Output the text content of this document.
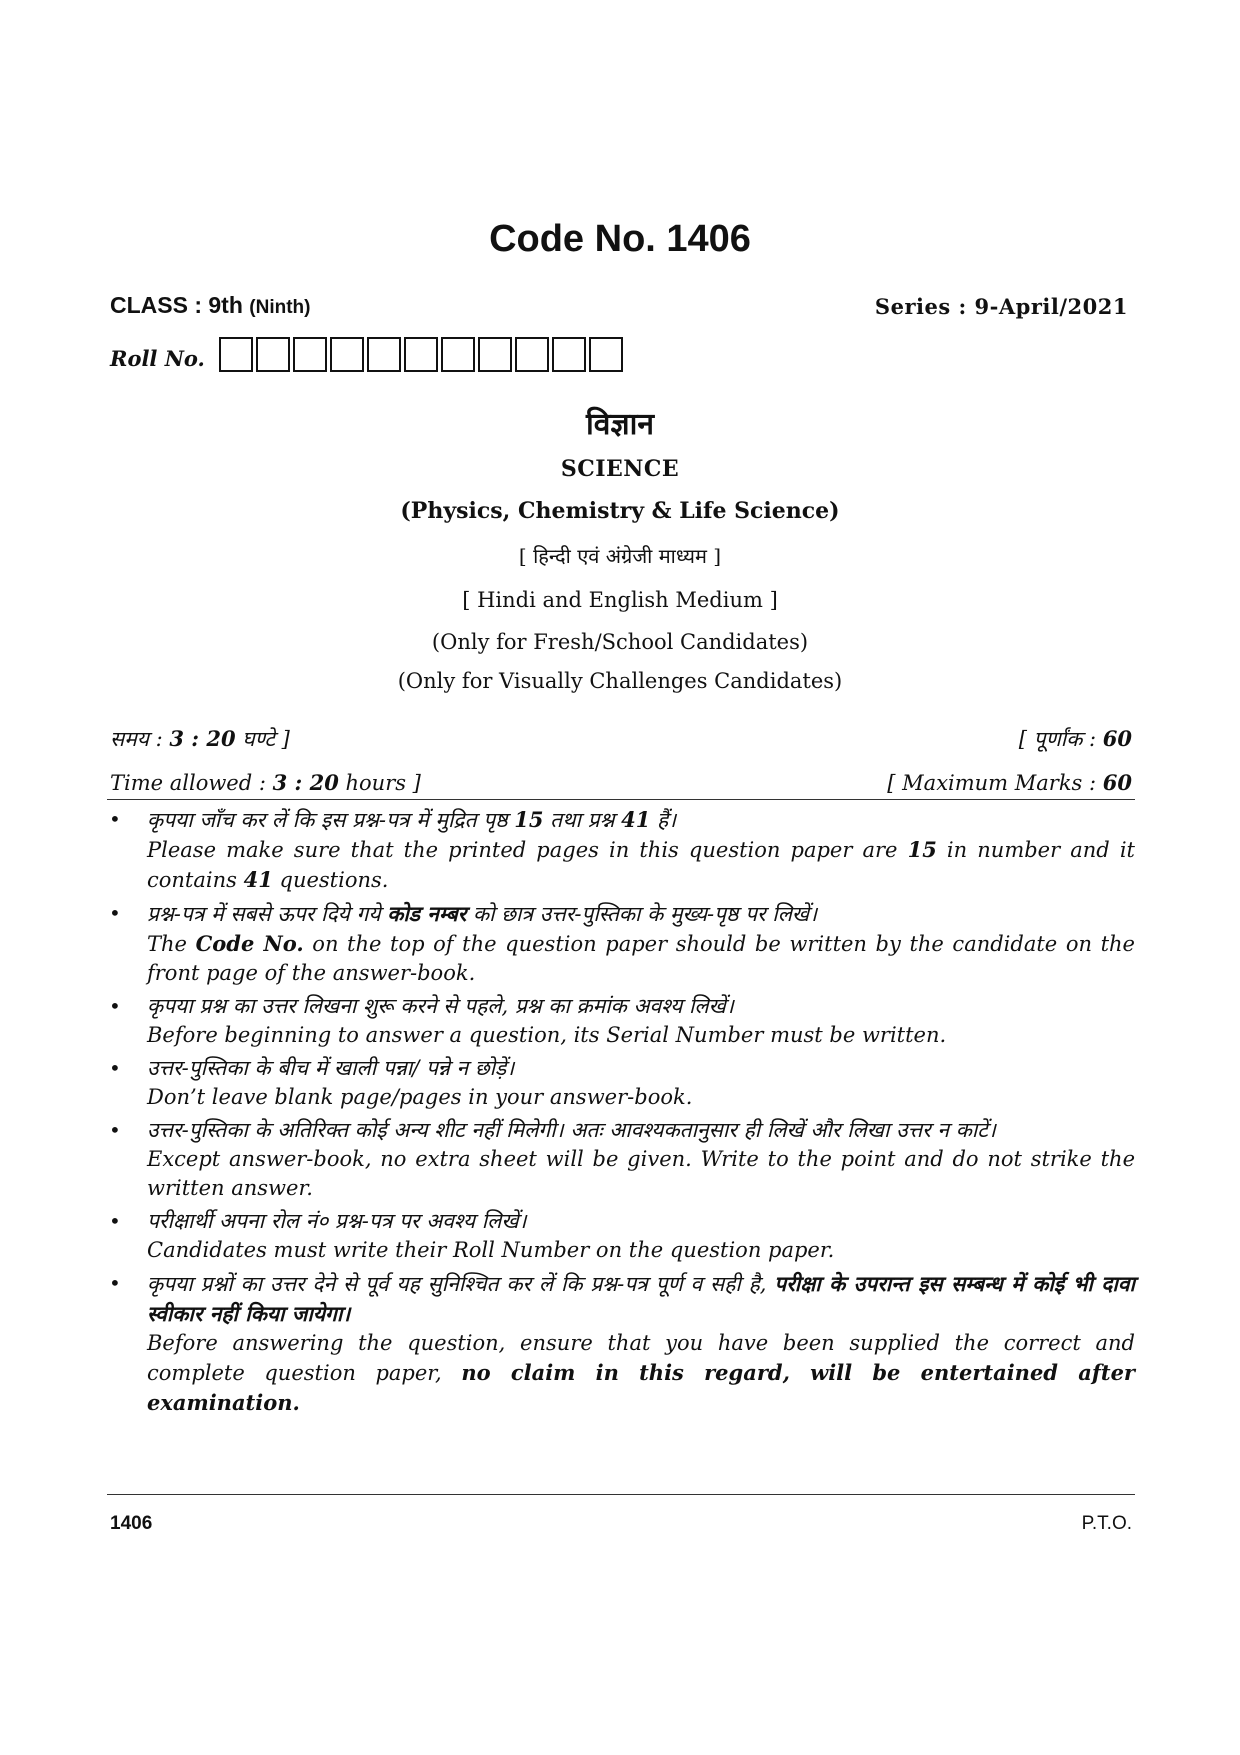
Code No. 1406
CLASS : 9th (Ninth)	Series : 9-April/2021
Roll No.
विज्ञान
SCIENCE
(Physics, Chemistry & Life Science)
[ हिन्दी एवं अंग्रेजी माध्यम ]
[ Hindi and English Medium ]
(Only for Fresh/School Candidates)
(Only for Visually Challenges Candidates)
समय : 3 : 20 घण्टे ]	[ पूर्णांक : 60
Time allowed : 3 : 20 hours ]	[ Maximum Marks : 60
• कृपया जाँच कर लें कि इस प्रश्न-पत्र में मुद्रित पृष्ठ 15 तथा प्रश्न 41 हैं।
Please make sure that the printed pages in this question paper are 15 in number and it contains 41 questions.
• प्रश्न-पत्र में सबसे ऊपर दिये गये कोड नम्बर को छात्र उत्तर-पुस्तिका के मुख्य-पृष्ठ पर लिखें।
The Code No. on the top of the question paper should be written by the candidate on the front page of the answer-book.
• कृपया प्रश्न का उत्तर लिखना शुरू करने से पहले, प्रश्न का क्रमांक अवश्य लिखें।
Before beginning to answer a question, its Serial Number must be written.
• उत्तर-पुस्तिका के बीच में खाली पन्ना/ पन्ने न छोड़ें।
Don’t leave blank page/pages in your answer-book.
• उत्तर-पुस्तिका के अतिरिक्त कोई अन्य शीट नहीं मिलेगी। अतः आवश्यकतानुसार ही लिखें और लिखा उत्तर न काटें।
Except answer-book, no extra sheet will be given. Write to the point and do not strike the written answer.
• परीक्षार्थी अपना रोल नं० प्रश्न-पत्र पर अवश्य लिखें।
Candidates must write their Roll Number on the question paper.
• कृपया प्रश्नों का उत्तर देने से पूर्व यह सुनिश्चित कर लें कि प्रश्न-पत्र पूर्ण व सही है, परीक्षा के उपरान्त इस सम्बन्ध में कोई भी दावा स्वीकार नहीं किया जायेगा।
Before answering the question, ensure that you have been supplied the correct and complete question paper, no claim in this regard, will be entertained after examination.
1406	P.T.O.
